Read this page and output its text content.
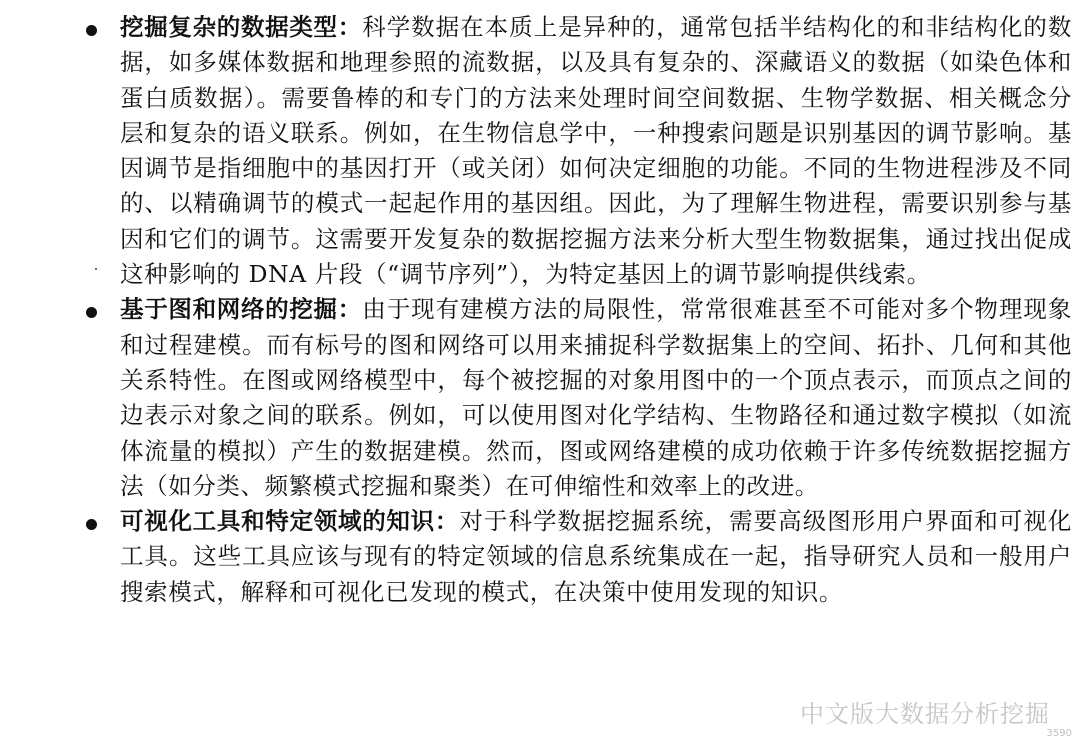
挖掘复杂的数据类型：科学数据在本质上是异种的，通常包括半结构化的和非结构化的数据，如多媒体数据和地理参照的流数据，以及具有复杂的、深藏语义的数据（如染色体和蛋白质数据）。需要鲁棒的和专门的方法来处理时间空间数据、生物学数据、相关概念分层和复杂的语义联系。例如，在生物信息学中，一种搜索问题是识别基因的调节影响。基因调节是指细胞中的基因打开（或关闭）如何决定细胞的功能。不同的生物进程涉及不同的、以精确调节的模式一起起作用的基因组。因此，为了理解生物进程，需要识别参与基因和它们的调节。这需要开发复杂的数据挖掘方法来分析大型生物数据集，通过找出促成这种影响的 DNA 片段（“调节序列”），为特定基因上的调节影响提供线索。

基于图和网络的挖掘：由于现有建模方法的局限性，常常很难甚至不可能对多个物理现象和过程建模。而有标号的图和网络可以用来捕捉科学数据集上的空间、拓扑、几何和其他关系特性。在图或网络模型中，每个被挖掘的对象用图中的一个顶点表示，而顶点之间的边表示对象之间的联系。例如，可以使用图对化学结构、生物路径和通过数字模拟（如流体流量的模拟）产生的数据建模。然而，图或网络建模的成功依赖于许多传统数据挖掘方法（如分类、频繁模式挖掘和聚类）在可伸缩性和效率上的改进。

可视化工具和特定领域的知识：对于科学数据挖掘系统，需要高级图形用户界面和可视化工具。这些工具应该与现有的特定领域的信息系统集成在一起，指导研究人员和一般用户搜索模式，解释和可视化已发现的模式，在决策中使用发现的知识。

中文版大数据分析挖掘
3590
